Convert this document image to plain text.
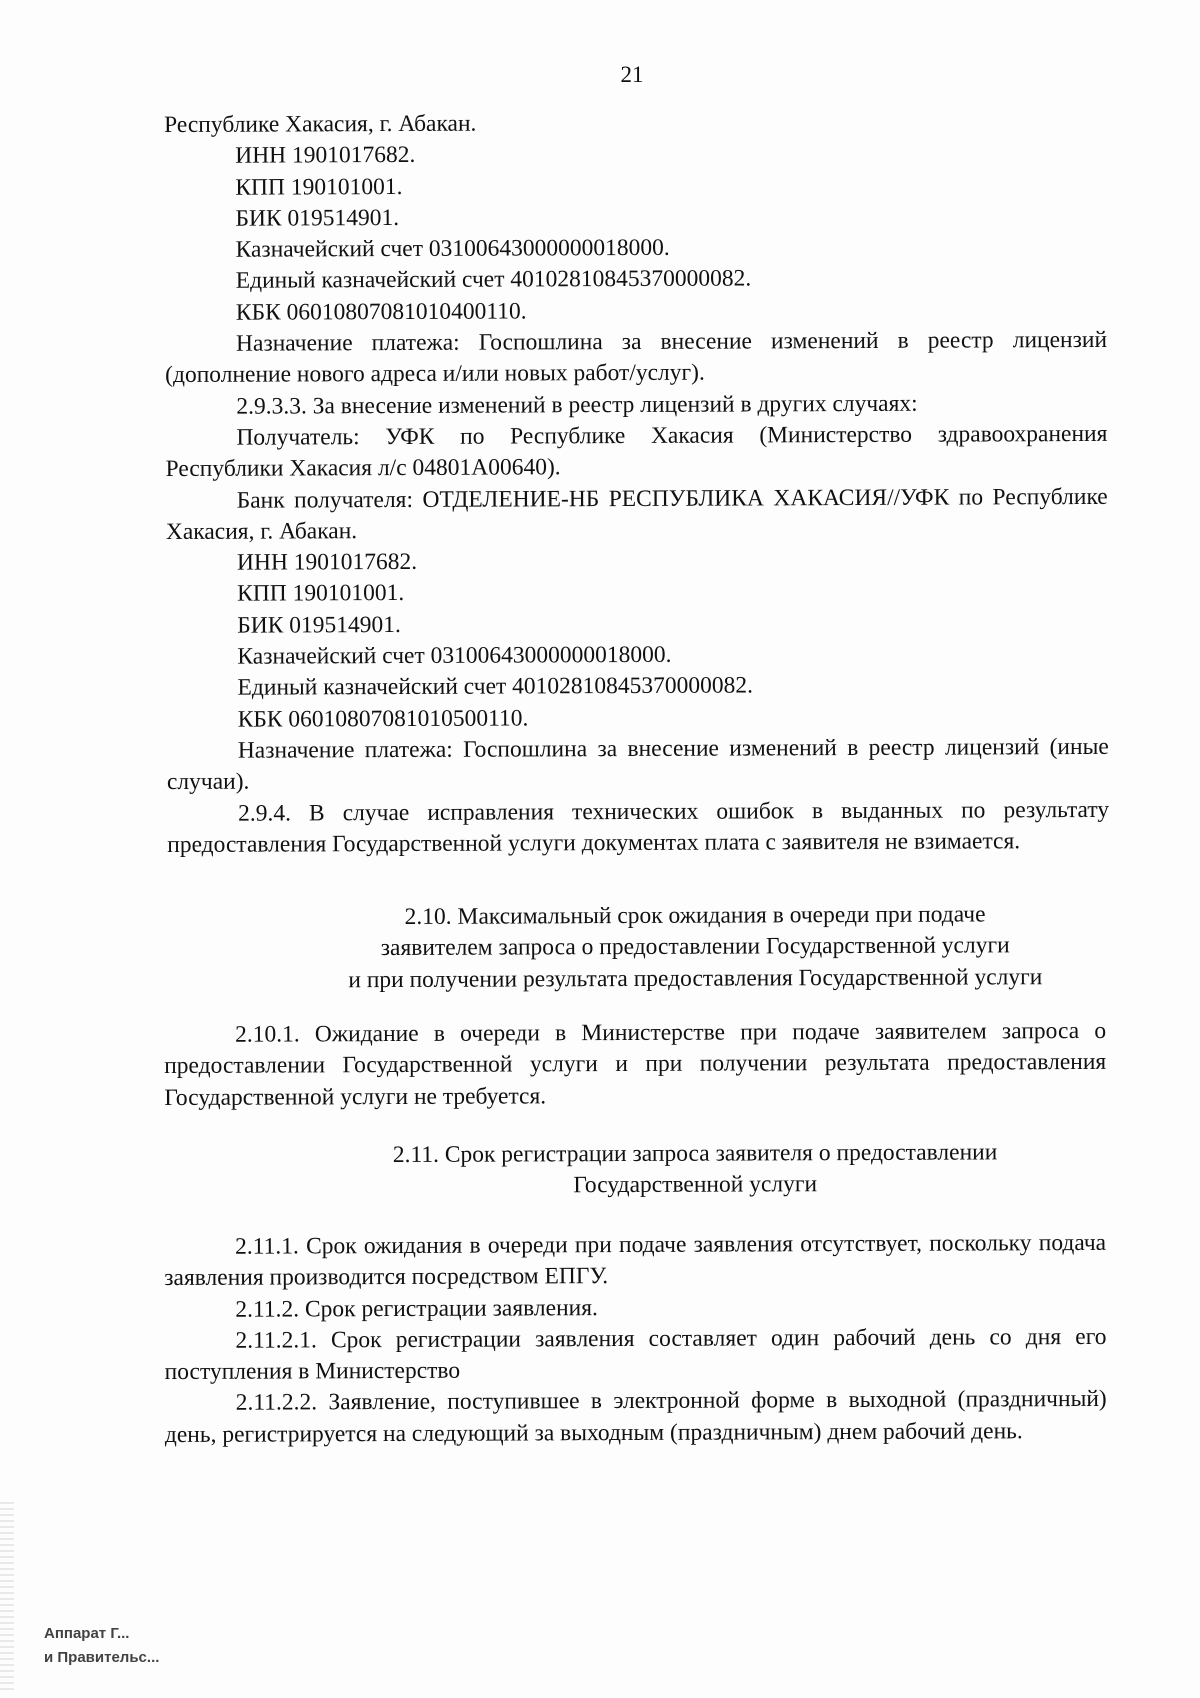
21

Республике Хакасия, г. Абакан.

ИНН 1901017682.

КПП 190101001.

БИК 019514901.

Казначейский счет 03100643000000018000.

Единый казначейский счет 40102810845370000082.

КБК 06010807081010400110.

Назначение платежа: Госпошлина за внесение изменений в реестр лицензий (дополнение нового адреса и/или новых работ/услуг).

2.9.3.3. За внесение изменений в реестр лицензий в других случаях:

Получатель: УФК по Республике Хакасия (Министерство здравоохранения Республики Хакасия л/с 04801А00640).

Банк получателя: ОТДЕЛЕНИЕ-НБ РЕСПУБЛИКА ХАКАСИЯ//УФК по Республике Хакасия, г. Абакан.

ИНН 1901017682.

КПП 190101001.

БИК 019514901.

Казначейский счет 03100643000000018000.

Единый казначейский счет 40102810845370000082.

КБК 06010807081010500110.

Назначение платежа: Госпошлина за внесение изменений в реестр лицензий (иные случаи).

2.9.4. В случае исправления технических ошибок в выданных по результату предоставления Государственной услуги документах плата с заявителя не взимается.

2.10. Максимальный срок ожидания в очереди при подаче

заявителем запроса о предоставлении Государственной услуги

и при получении результата предоставления Государственной услуги

2.10.1. Ожидание в очереди в Министерстве при подаче заявителем запроса о предоставлении Государственной услуги и при получении результата предоставления Государственной услуги не требуется.

2.11. Срок регистрации запроса заявителя о предоставлении

Государственной услуги

2.11.1. Срок ожидания в очереди при подаче заявления отсутствует, поскольку подача заявления производится посредством ЕПГУ.

2.11.2. Срок регистрации заявления.

2.11.2.1. Срок регистрации заявления составляет один рабочий день со дня его поступления в Министерство

2.11.2.2. Заявление, поступившее в электронной форме в выходной (праздничный) день, регистрируется на следующий за выходным (праздничным) днем рабочий день.

Аппарат Г...
и Правительс...
